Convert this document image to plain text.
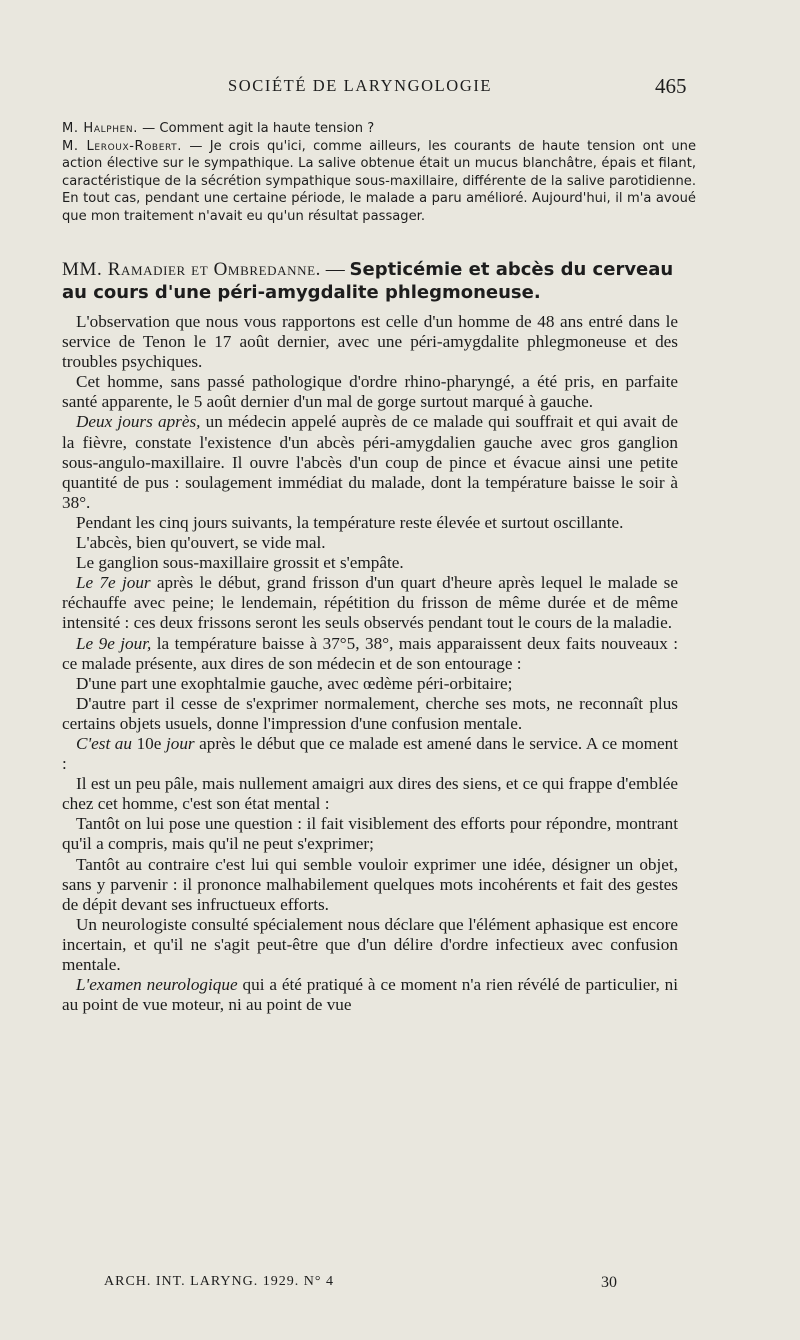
SOCIÉTÉ DE LARYNGOLOGIE	465

M. Halphen. — Comment agit la haute tension ?

M. Leroux-Robert. — Je crois qu'ici, comme ailleurs, les courants de haute tension ont une action élective sur le sympathique. La salive obtenue était un mucus blanchâtre, épais et filant, caractéristique de la sécrétion sympathique sous-maxillaire, différente de la salive parotidienne. En tout cas, pendant une certaine période, le malade a paru amélioré. Aujourd'hui, il m'a avoué que mon traitement n'avait eu qu'un résultat passager.

MM. Ramadier et Ombredanne. — Septicémie et abcès du cerveau au cours d'une péri-amygdalite phlegmoneuse.

L'observation que nous vous rapportons est celle d'un homme de 48 ans entré dans le service de Tenon le 17 août dernier, avec une péri-amygdalite phlegmoneuse et des troubles psychiques.

Cet homme, sans passé pathologique d'ordre rhino-pharyngé, a été pris, en parfaite santé apparente, le 5 août dernier d'un mal de gorge surtout marqué à gauche.

Deux jours après, un médecin appelé auprès de ce malade qui souffrait et qui avait de la fièvre, constate l'existence d'un abcès péri-amygdalien gauche avec gros ganglion sous-angulo-maxillaire. Il ouvre l'abcès d'un coup de pince et évacue ainsi une petite quantité de pus : soulagement immédiat du malade, dont la température baisse le soir à 38°.

Pendant les cinq jours suivants, la température reste élevée et surtout oscillante.

L'abcès, bien qu'ouvert, se vide mal.

Le ganglion sous-maxillaire grossit et s'empâte.

Le 7e jour après le début, grand frisson d'un quart d'heure après lequel le malade se réchauffe avec peine; le lendemain, répétition du frisson de même durée et de même intensité : ces deux frissons seront les seuls observés pendant tout le cours de la maladie.

Le 9e jour, la température baisse à 37°5, 38°, mais apparaissent deux faits nouveaux : ce malade présente, aux dires de son médecin et de son entourage :

D'une part une exophtalmie gauche, avec œdème péri-orbitaire;

D'autre part il cesse de s'exprimer normalement, cherche ses mots, ne reconnaît plus certains objets usuels, donne l'impression d'une confusion mentale.

C'est au 10e jour après le début que ce malade est amené dans le service. A ce moment :

Il est un peu pâle, mais nullement amaigri aux dires des siens, et ce qui frappe d'emblée chez cet homme, c'est son état mental :

Tantôt on lui pose une question : il fait visiblement des efforts pour répondre, montrant qu'il a compris, mais qu'il ne peut s'exprimer;

Tantôt au contraire c'est lui qui semble vouloir exprimer une idée, désigner un objet, sans y parvenir : il prononce malhabilement quelques mots incohérents et fait des gestes de dépit devant ses infructueux efforts.

Un neurologiste consulté spécialement nous déclare que l'élément aphasique est encore incertain, et qu'il ne s'agit peut-être que d'un délire d'ordre infectieux avec confusion mentale.

L'examen neurologique qui a été pratiqué à ce moment n'a rien révélé de particulier, ni au point de vue moteur, ni au point de vue

ARCH. INT. LARYNG. 1929. N° 4	30
